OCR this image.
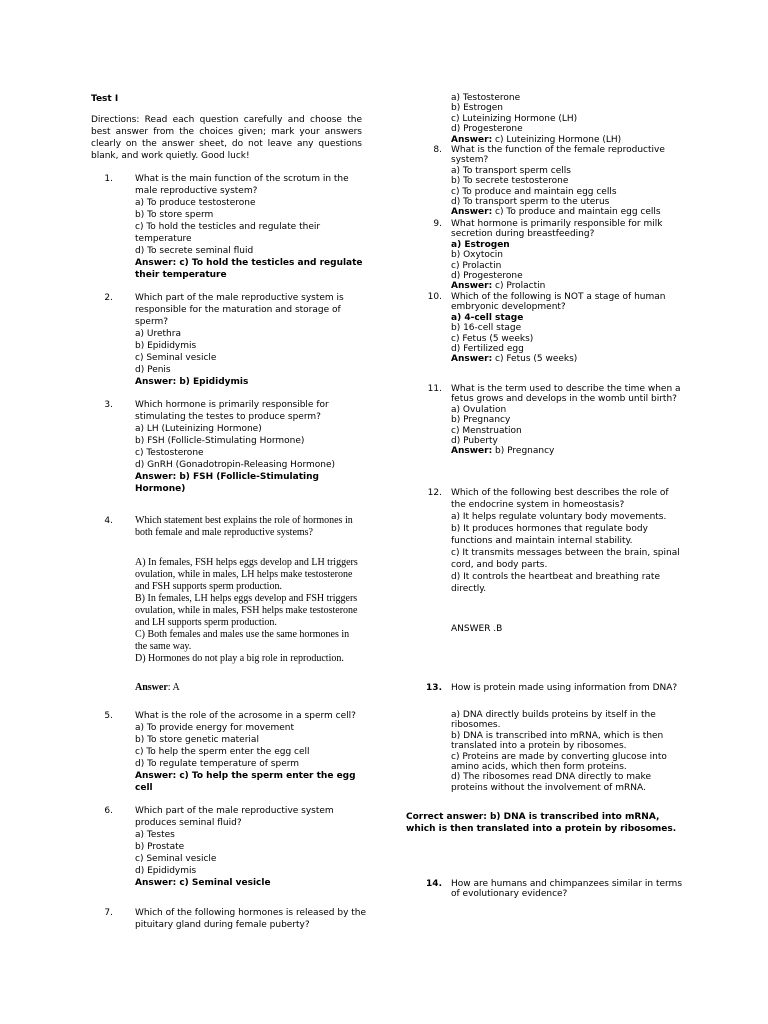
Test I
Directions: Read each question carefully and choose the best answer from the choices given; mark your answers clearly on the answer sheet, do not leave any questions blank, and work quietly. Good luck!
1. What is the main function of the scrotum in the
male reproductive system?
a) To produce testosterone
b) To store sperm
c) To hold the testicles and regulate their
temperature
d) To secrete seminal fluid
Answer: c) To hold the testicles and regulate
their temperature
2. Which part of the male reproductive system is
responsible for the maturation and storage of
sperm?
a) Urethra
b) Epididymis
c) Seminal vesicle
d) Penis
Answer: b) Epididymis
3. Which hormone is primarily responsible for
stimulating the testes to produce sperm?
a) LH (Luteinizing Hormone)
b) FSH (Follicle-Stimulating Hormone)
c) Testosterone
d) GnRH (Gonadotropin-Releasing Hormone)
Answer: b) FSH (Follicle-Stimulating
Hormone)
4. Which statement best explains the role of hormones in
both female and male reproductive systems?
A) In females, FSH helps eggs develop and LH triggers
ovulation, while in males, LH helps make testosterone
and FSH supports sperm production.
B) In females, LH helps eggs develop and FSH triggers
ovulation, while in males, FSH helps make testosterone
and LH supports sperm production.
C) Both females and males use the same hormones in
the same way.
D) Hormones do not play a big role in reproduction.
Answer: A
5. What is the role of the acrosome in a sperm cell?
a) To provide energy for movement
b) To store genetic material
c) To help the sperm enter the egg cell
d) To regulate temperature of sperm
Answer: c) To help the sperm enter the egg
cell
6. Which part of the male reproductive system
produces seminal fluid?
a) Testes
b) Prostate
c) Seminal vesicle
d) Epididymis
Answer: c) Seminal vesicle
7. Which of the following hormones is released by the
pituitary gland during female puberty?
a) Testosterone
b) Estrogen
c) Luteinizing Hormone (LH)
d) Progesterone
Answer: c) Luteinizing Hormone (LH)
8. What is the function of the female reproductive
system?
a) To transport sperm cells
b) To secrete testosterone
c) To produce and maintain egg cells
d) To transport sperm to the uterus
Answer: c) To produce and maintain egg cells
9. What hormone is primarily responsible for milk
secretion during breastfeeding?
a) Estrogen
b) Oxytocin
c) Prolactin
d) Progesterone
Answer: c) Prolactin
10. Which of the following is NOT a stage of human
embryonic development?
a) 4-cell stage
b) 16-cell stage
c) Fetus (5 weeks)
d) Fertilized egg
Answer: c) Fetus (5 weeks)
11. What is the term used to describe the time when a
fetus grows and develops in the womb until birth?
a) Ovulation
b) Pregnancy
c) Menstruation
d) Puberty
Answer: b) Pregnancy
12. Which of the following best describes the role of
the endocrine system in homeostasis?
a) It helps regulate voluntary body movements.
b) It produces hormones that regulate body
functions and maintain internal stability.
c) It transmits messages between the brain, spinal
cord, and body parts.
d) It controls the heartbeat and breathing rate
directly.
ANSWER .B
13. How is protein made using information from DNA?
a) DNA directly builds proteins by itself in the
ribosomes.
b) DNA is transcribed into mRNA, which is then
translated into a protein by ribosomes.
c) Proteins are made by converting glucose into
amino acids, which then form proteins.
d) The ribosomes read DNA directly to make
proteins without the involvement of mRNA.
Correct answer: b) DNA is transcribed into mRNA,
which is then translated into a protein by ribosomes.
14. How are humans and chimpanzees similar in terms
of evolutionary evidence?
